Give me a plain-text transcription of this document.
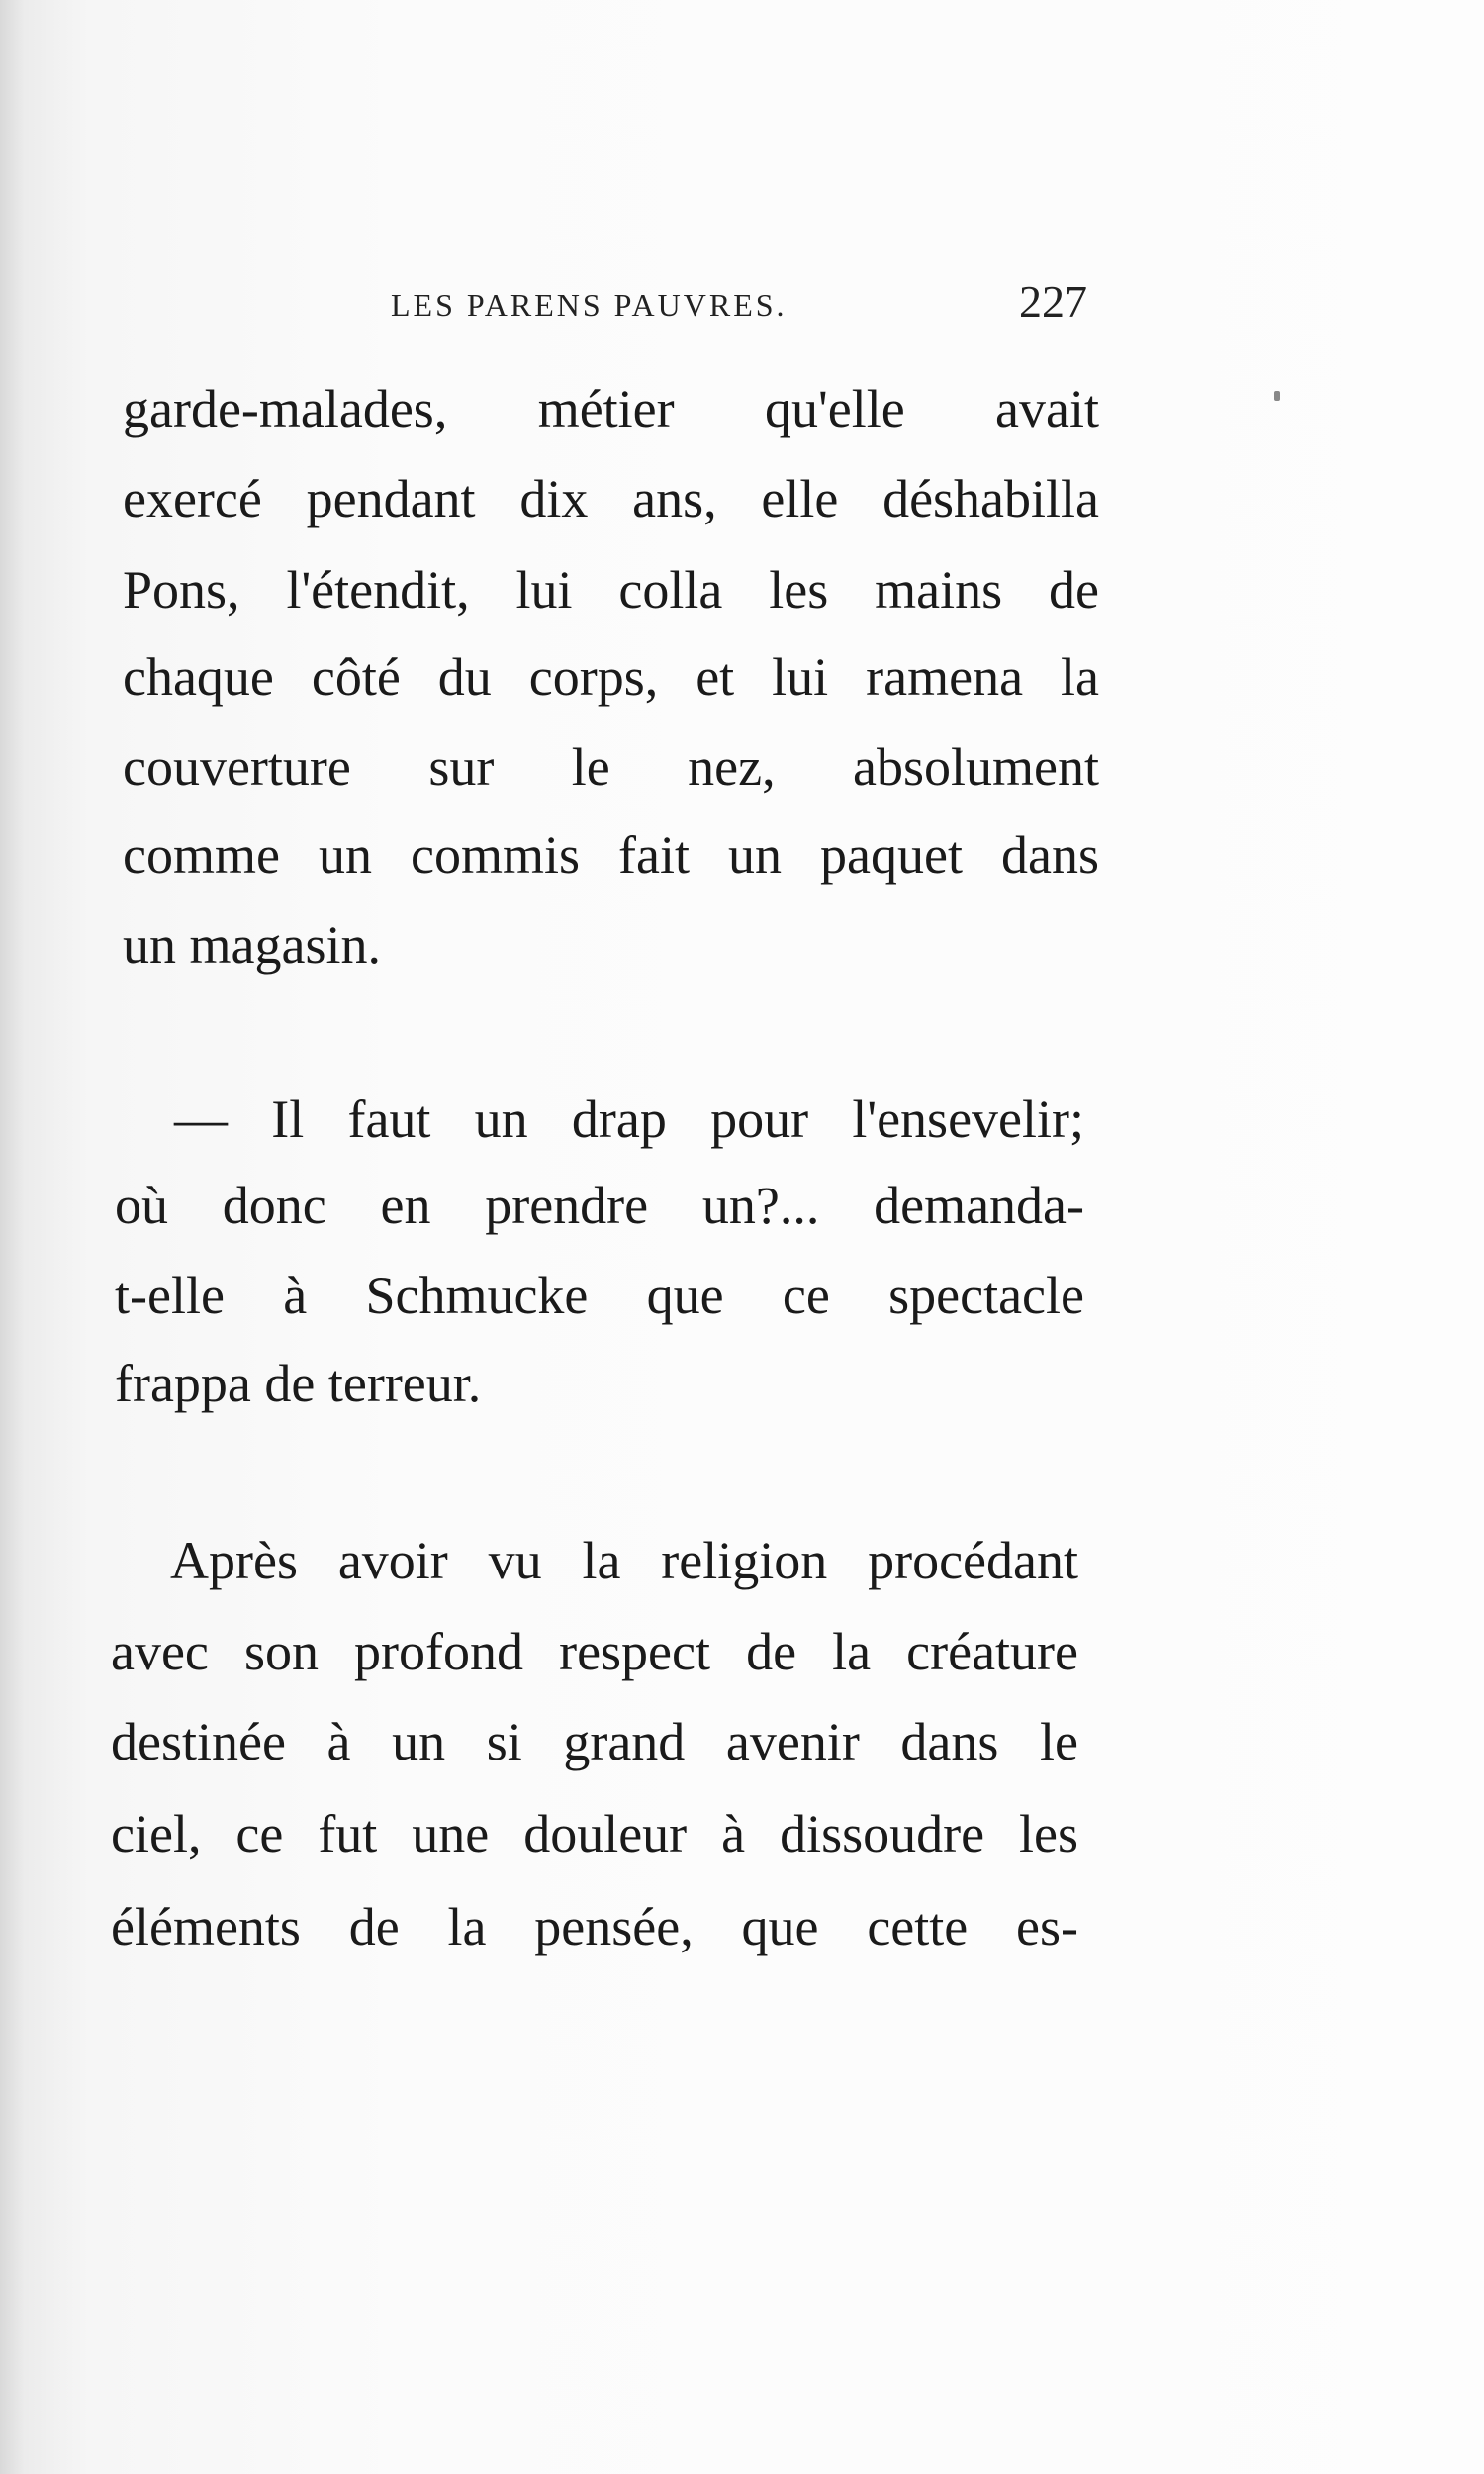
LES PARENS PAUVRES.	227
garde-malades, métier qu'elle avait
exercé pendant dix ans, elle déshabilla
Pons, l'étendit, lui colla les mains de
chaque côté du corps, et lui ramena la
couverture sur le nez, absolument
comme un commis fait un paquet dans
un magasin.
— Il faut un drap pour l'ensevelir;
où donc en prendre un?... demanda-
t-elle à Schmucke que ce spectacle
frappa de terreur.
Après avoir vu la religion procédant
avec son profond respect de la créature
destinée à un si grand avenir dans le
ciel, ce fut une douleur à dissoudre les
éléments de la pensée, que cette es-
